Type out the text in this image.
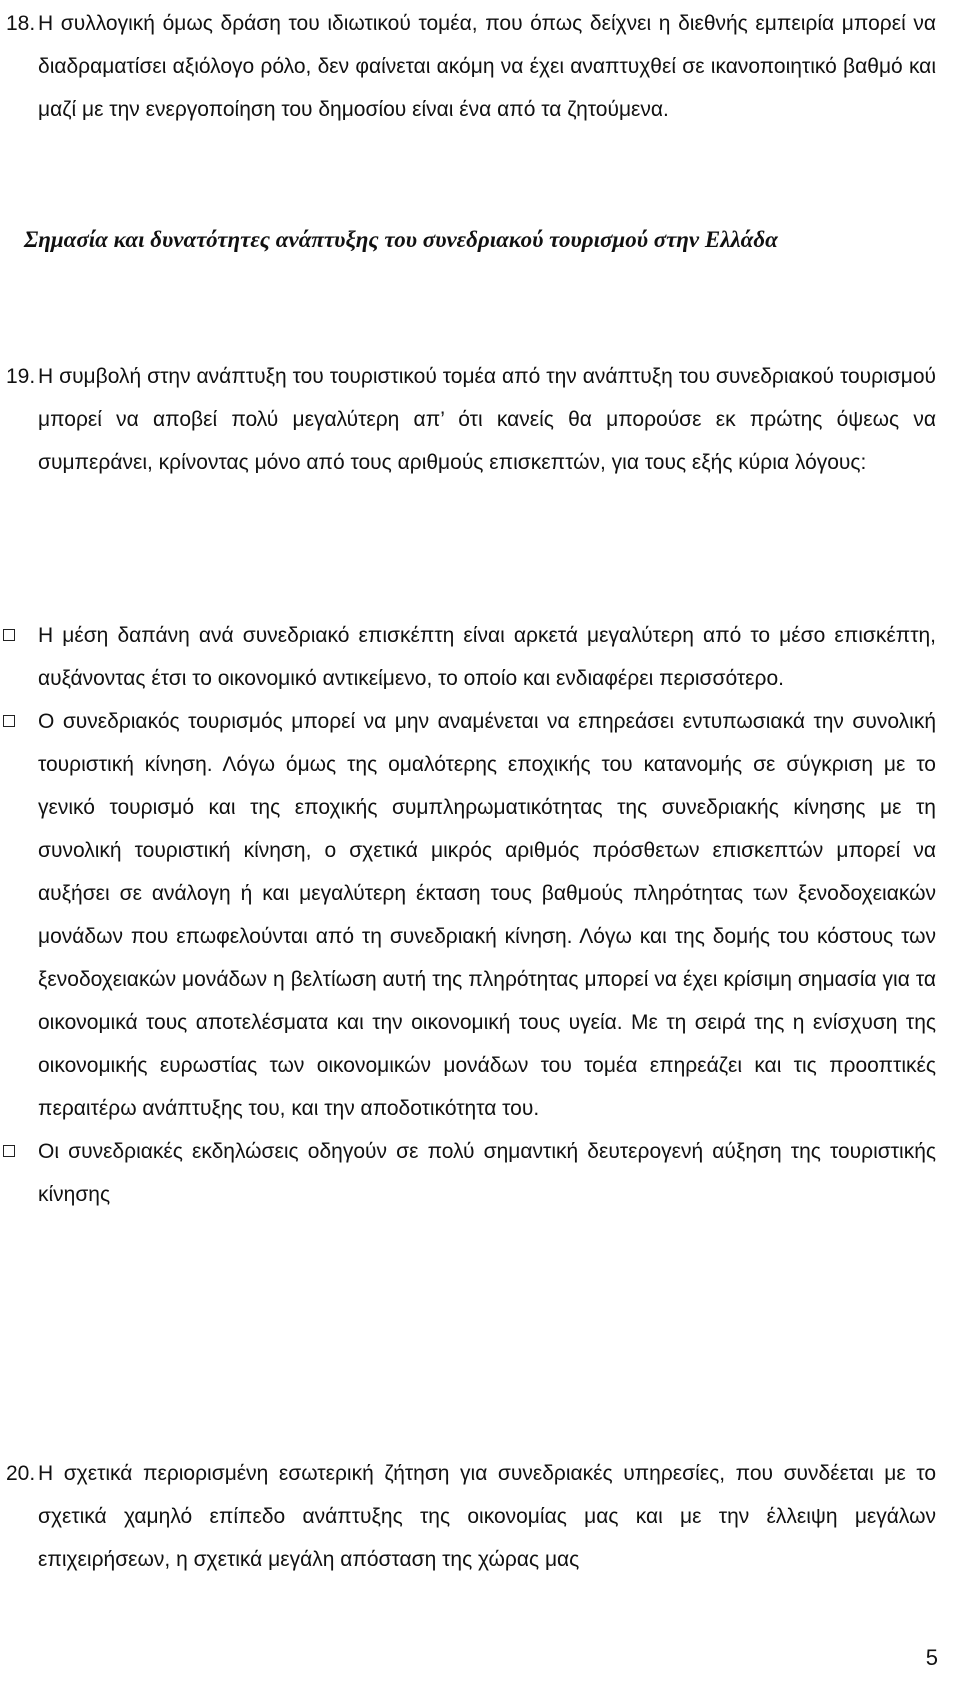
18. Η συλλογική όμως δράση του ιδιωτικού τομέα, που όπως δείχνει η διεθνής εμπειρία μπορεί να διαδραματίσει αξιόλογο ρόλο, δεν φαίνεται ακόμη να έχει αναπτυχθεί σε ικανοποιητικό βαθμό και μαζί με την ενεργοποίηση του δημοσίου είναι ένα από τα ζητούμενα.
Σημασία και δυνατότητες ανάπτυξης του συνεδριακού τουρισμού στην Ελλάδα
19. Η συμβολή στην ανάπτυξη του τουριστικού τομέα από την ανάπτυξη του συνεδριακού τουρισμού μπορεί να αποβεί πολύ μεγαλύτερη απ’ ότι κανείς θα μπορούσε εκ πρώτης όψεως να συμπεράνει, κρίνοντας μόνο από τους αριθμούς επισκεπτών, για τους εξής κύρια λόγους:
Η μέση δαπάνη ανά συνεδριακό επισκέπτη είναι αρκετά μεγαλύτερη από το μέσο επισκέπτη, αυξάνοντας έτσι το οικονομικό αντικείμενο, το οποίο και ενδιαφέρει περισσότερο.
Ο συνεδριακός τουρισμός μπορεί να μην αναμένεται να επηρεάσει εντυπωσιακά την συνολική τουριστική κίνηση. Λόγω όμως της ομαλότερης εποχικής του κατανομής σε σύγκριση με το γενικό τουρισμό και της εποχικής συμπληρωματικότητας της συνεδριακής κίνησης με τη συνολική τουριστική κίνηση, ο σχετικά μικρός αριθμός πρόσθετων επισκεπτών μπορεί να αυξήσει σε ανάλογη ή και μεγαλύτερη έκταση τους βαθμούς πληρότητας των ξενοδοχειακών μονάδων που επωφελούνται από τη συνεδριακή κίνηση. Λόγω και της δομής του κόστους των ξενοδοχειακών μονάδων η βελτίωση αυτή της πληρότητας μπορεί να έχει κρίσιμη σημασία για τα οικονομικά τους αποτελέσματα και την οικονομική τους υγεία. Με τη σειρά της η ενίσχυση της οικονομικής ευρωστίας των οικονομικών μονάδων του τομέα επηρεάζει και τις προοπτικές περαιτέρω ανάπτυξης του, και την αποδοτικότητα του.
Οι συνεδριακές εκδηλώσεις οδηγούν σε πολύ σημαντική δευτερογενή αύξηση της τουριστικής κίνησης
20. Η σχετικά περιορισμένη εσωτερική ζήτηση για συνεδριακές υπηρεσίες, που συνδέεται με το σχετικά χαμηλό επίπεδο ανάπτυξης της οικονομίας μας και με την έλλειψη μεγάλων επιχειρήσεων, η σχετικά μεγάλη απόσταση της χώρας μας
5
